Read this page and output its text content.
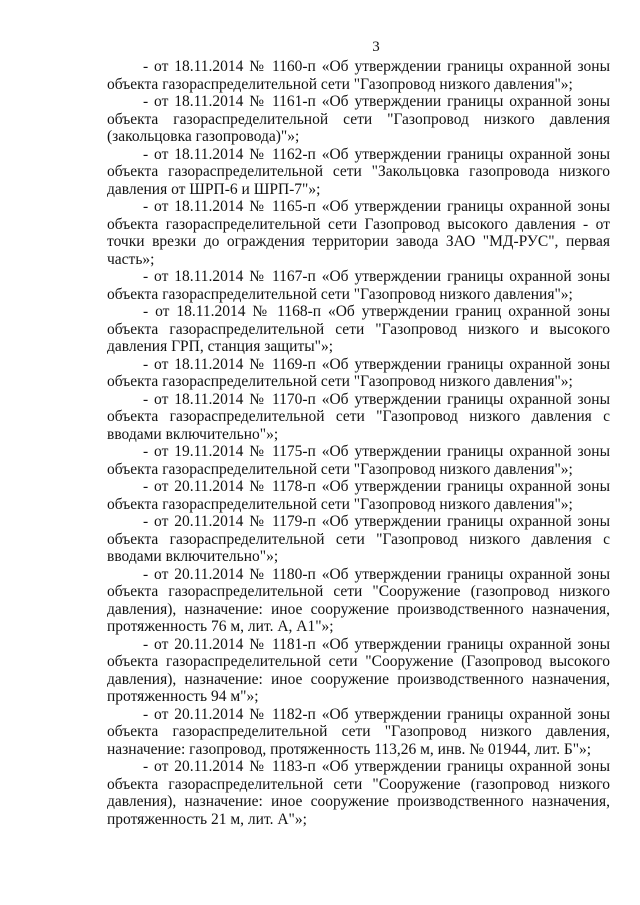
3

- от 18.11.2014 № 1160-п «Об утверждении границы охранной зоны объекта газораспределительной сети "Газопровод низкого давления"»;

- от 18.11.2014 № 1161-п «Об утверждении границы охранной зоны объекта газораспределительной сети "Газопровод низкого давления (закольцовка газопровода)"»;

- от 18.11.2014 № 1162-п «Об утверждении границы охранной зоны объекта газораспределительной сети "Закольцовка газопровода низкого давления от ШРП-6 и ШРП-7"»;

- от 18.11.2014 № 1165-п «Об утверждении границы охранной зоны объекта газораспределительной сети Газопровод высокого давления - от точки врезки до ограждения территории завода ЗАО "МД-РУС", первая часть»;

- от 18.11.2014 № 1167-п «Об утверждении границы охранной зоны объекта газораспределительной сети "Газопровод низкого давления"»;

- от 18.11.2014 № 1168-п «Об утверждении границ охранной зоны объекта газораспределительной сети "Газопровод низкого и высокого давления ГРП, станция защиты"»;

- от 18.11.2014 № 1169-п «Об утверждении границы охранной зоны объекта газораспределительной сети "Газопровод низкого давления"»;

- от 18.11.2014 № 1170-п «Об утверждении границы охранной зоны объекта газораспределительной сети "Газопровод низкого давления с вводами включительно"»;

- от 19.11.2014 № 1175-п «Об утверждении границы охранной зоны объекта газораспределительной сети "Газопровод низкого давления"»;

- от 20.11.2014 № 1178-п «Об утверждении границы охранной зоны объекта газораспределительной сети "Газопровод низкого давления"»;

- от 20.11.2014 № 1179-п «Об утверждении границы охранной зоны объекта газораспределительной сети "Газопровод низкого давления с вводами включительно"»;

- от 20.11.2014 № 1180-п «Об утверждении границы охранной зоны объекта газораспределительной сети "Сооружение (газопровод низкого давления), назначение: иное сооружение производственного назначения, протяженность 76 м, лит. А, А1"»;

- от 20.11.2014 № 1181-п «Об утверждении границы охранной зоны объекта газораспределительной сети "Сооружение (Газопровод высокого давления), назначение: иное сооружение производственного назначения, протяженность 94 м"»;

- от 20.11.2014 № 1182-п «Об утверждении границы охранной зоны объекта газораспределительной сети "Газопровод низкого давления, назначение: газопровод, протяженность 113,26 м, инв. № 01944, лит. Б"»;

- от 20.11.2014 № 1183-п «Об утверждении границы охранной зоны объекта газораспределительной сети "Сооружение (газопровод низкого давления), назначение: иное сооружение производственного назначения, протяженность 21 м, лит. А"»;
